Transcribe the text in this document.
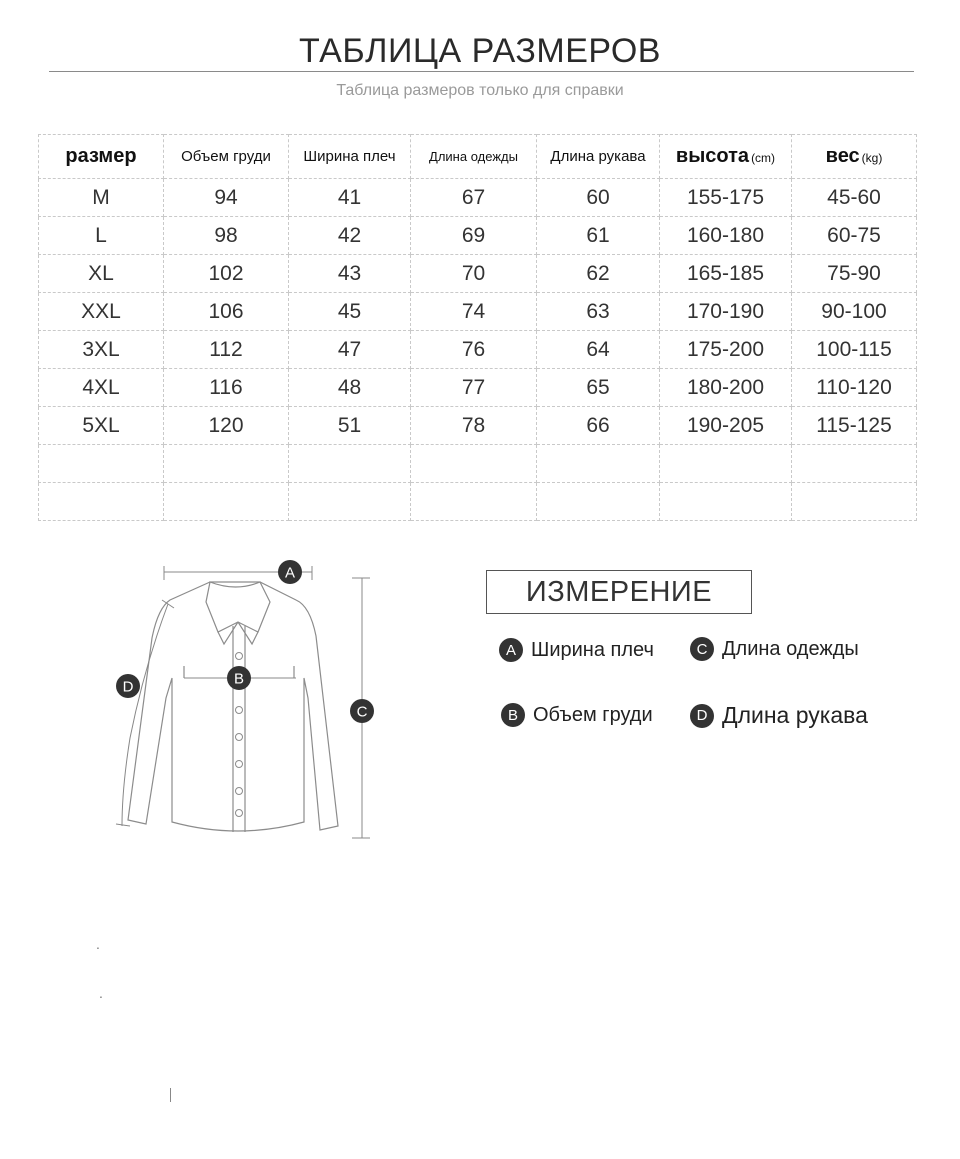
ТАБЛИЦА РАЗМЕРОВ
Таблица размеров только для справки
размер	Объем груди	Ширина плеч	Длина одежды	Длина рукава	высота (cm)	вес (kg)
M	94	41	67	60	155-175	45-60
L	98	42	69	61	160-180	60-75
XL	102	43	70	62	165-185	75-90
XXL	106	45	74	63	170-190	90-100
3XL	112	47	76	64	175-200	100-115
4XL	116	48	77	65	180-200	110-120
5XL	120	51	78	66	190-205	115-125

A
B
C
D
ИЗМЕРЕНИЕ
A Ширина плеч	C Длина одежды
B Объем груди	D Длина рукава
.
.
